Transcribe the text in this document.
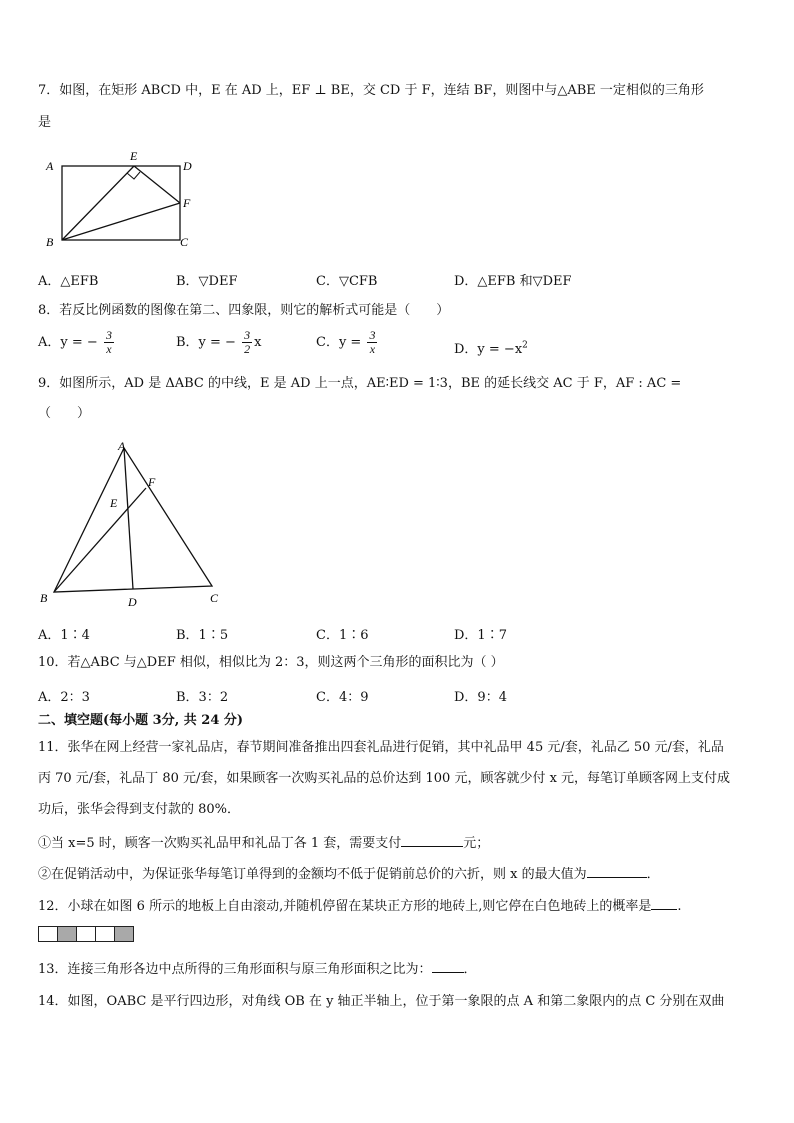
7．如图，在矩形 ABCD 中，E 在 AD 上，EF ⊥ BE，交 CD 于 F，连结 BF，则图中与△ABE 一定相似的三角形
是
A
E
D
F
B	C
A．△EFB	B．▽DEF	C．▽CFB	D．△EFB 和▽DEF
8．若反比例函数的图像在第二、四象限，则它的解析式可能是（　　）
A．y = − $\frac{3}{x}$	B．y = − $\frac{3}{2}$ x	C．$y = \frac{3}{x}$	D．$y = -x^2$
9．如图所示，AD 是 ΔABC 的中线，E 是 AD 上一点，AE∶ED = 1∶3，BE 的延长线交 AC 于 F，AF : AC =
（　　）
A
F
E
B	D	C
A．1∶4	B．1∶5	C．1∶6	D．1∶7
10．若△ABC 与△DEF 相似，相似比为 2：3，则这两个三角形的面积比为（ ）
A．2：3	B．3：2	C．4：9	D．9：4
二、填空题(每小题 3分, 共 24 分)
11．张华在网上经营一家礼品店，春节期间准备推出四套礼品进行促销，其中礼品甲 45 元/套，礼品乙 50 元/套，礼品
丙 70 元/套，礼品丁 80 元/套，如果顾客一次购买礼品的总价达到 100 元，顾客就少付 x 元，每笔订单顾客网上支付成
功后，张华会得到支付款的 80%．
①当 x=5 时，顾客一次购买礼品甲和礼品丁各 1 套，需要支付	元；
②在促销活动中，为保证张华每笔订单得到的金额均不低于促销前总价的六折，则 x 的最大值为	．
12．小球在如图 6 所示的地板上自由滚动,并随机停留在某块正方形的地砖上,则它停在白色地砖上的概率是 .
13．连接三角形各边中点所得的三角形面积与原三角形面积之比为： ．
14．如图，OABC 是平行四边形，对角线 OB 在 y 轴正半轴上，位于第一象限的点 A 和第二象限内的点 C 分别在双曲
